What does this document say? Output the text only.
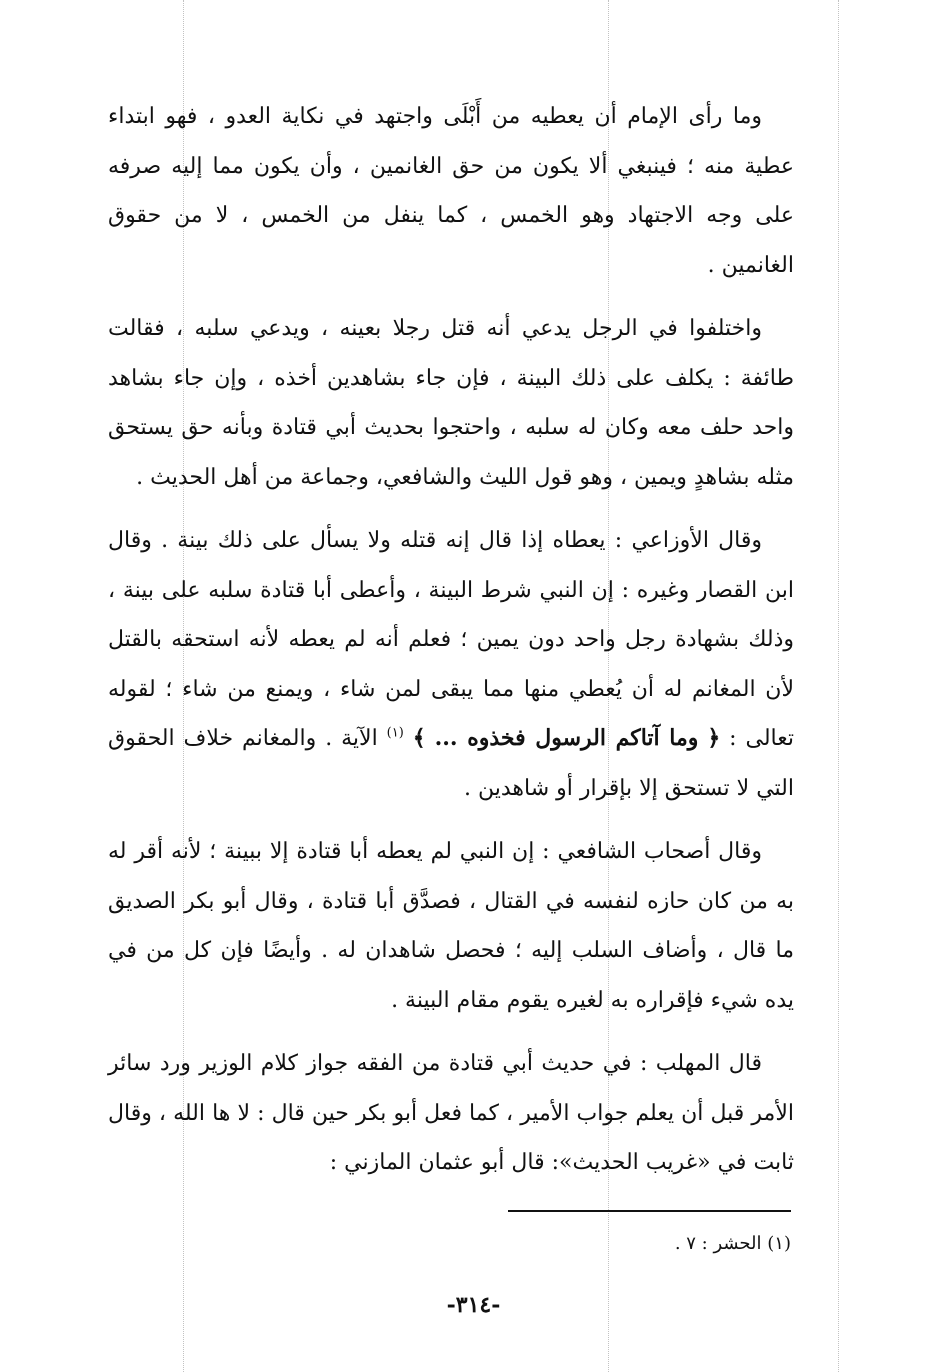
وما رأى الإمام أن يعطيه من أَبْلَى واجتهد في نكاية العدو ، فهو ابتداء عطية منه ؛ فينبغي ألا يكون من حق الغانمين ، وأن يكون مما إليه صرفه على وجه الاجتهاد وهو الخمس ، كما ينفل من الخمس ، لا من حقوق الغانمين .

واختلفوا في الرجل يدعي أنه قتل رجلا بعينه ، ويدعي سلبه ، فقالت طائفة : يكلف على ذلك البينة ، فإن جاء بشاهدين أخذه ، وإن جاء بشاهد واحد حلف معه وكان له سلبه ، واحتجوا بحديث أبي قتادة وبأنه حق يستحق مثله بشاهدٍ ويمين ، وهو قول الليث والشافعي، وجماعة من أهل الحديث .

وقال الأوزاعي : يعطاه إذا قال إنه قتله ولا يسأل على ذلك بينة . وقال ابن القصار وغيره : إن النبي شرط البينة ، وأعطى أبا قتادة سلبه على بينة ، وذلك بشهادة رجل واحد دون يمين ؛ فعلم أنه لم يعطه لأنه استحقه بالقتل لأن المغانم له أن يُعطي منها مما يبقى لمن شاء ، ويمنع من شاء ؛ لقوله تعالى : ﴿ وما آتاكم الرسول فخذوه ... ﴾ $^{(١)}$ الآية . والمغانم خلاف الحقوق التي لا تستحق إلا بإقرار أو شاهدين .

وقال أصحاب الشافعي : إن النبي لم يعطه أبا قتادة إلا ببينة ؛ لأنه أقر له به من كان حازه لنفسه في القتال ، فصدَّق أبا قتادة ، وقال أبو بكر الصديق ما قال ، وأضاف السلب إليه ؛ فحصل شاهدان له . وأيضًا فإن كل من في يده شيء فإقراره به لغيره يقوم مقام البينة .

قال المهلب : في حديث أبي قتادة من الفقه جواز كلام الوزير ورد سائر الأمر قبل أن يعلم جواب الأمير ، كما فعل أبو بكر حين قال : لا ها الله ، وقال ثابت في «غريب الحديث»: قال أبو عثمان المازني :

(١) الحشر : ٧ .
-٣١٤-
